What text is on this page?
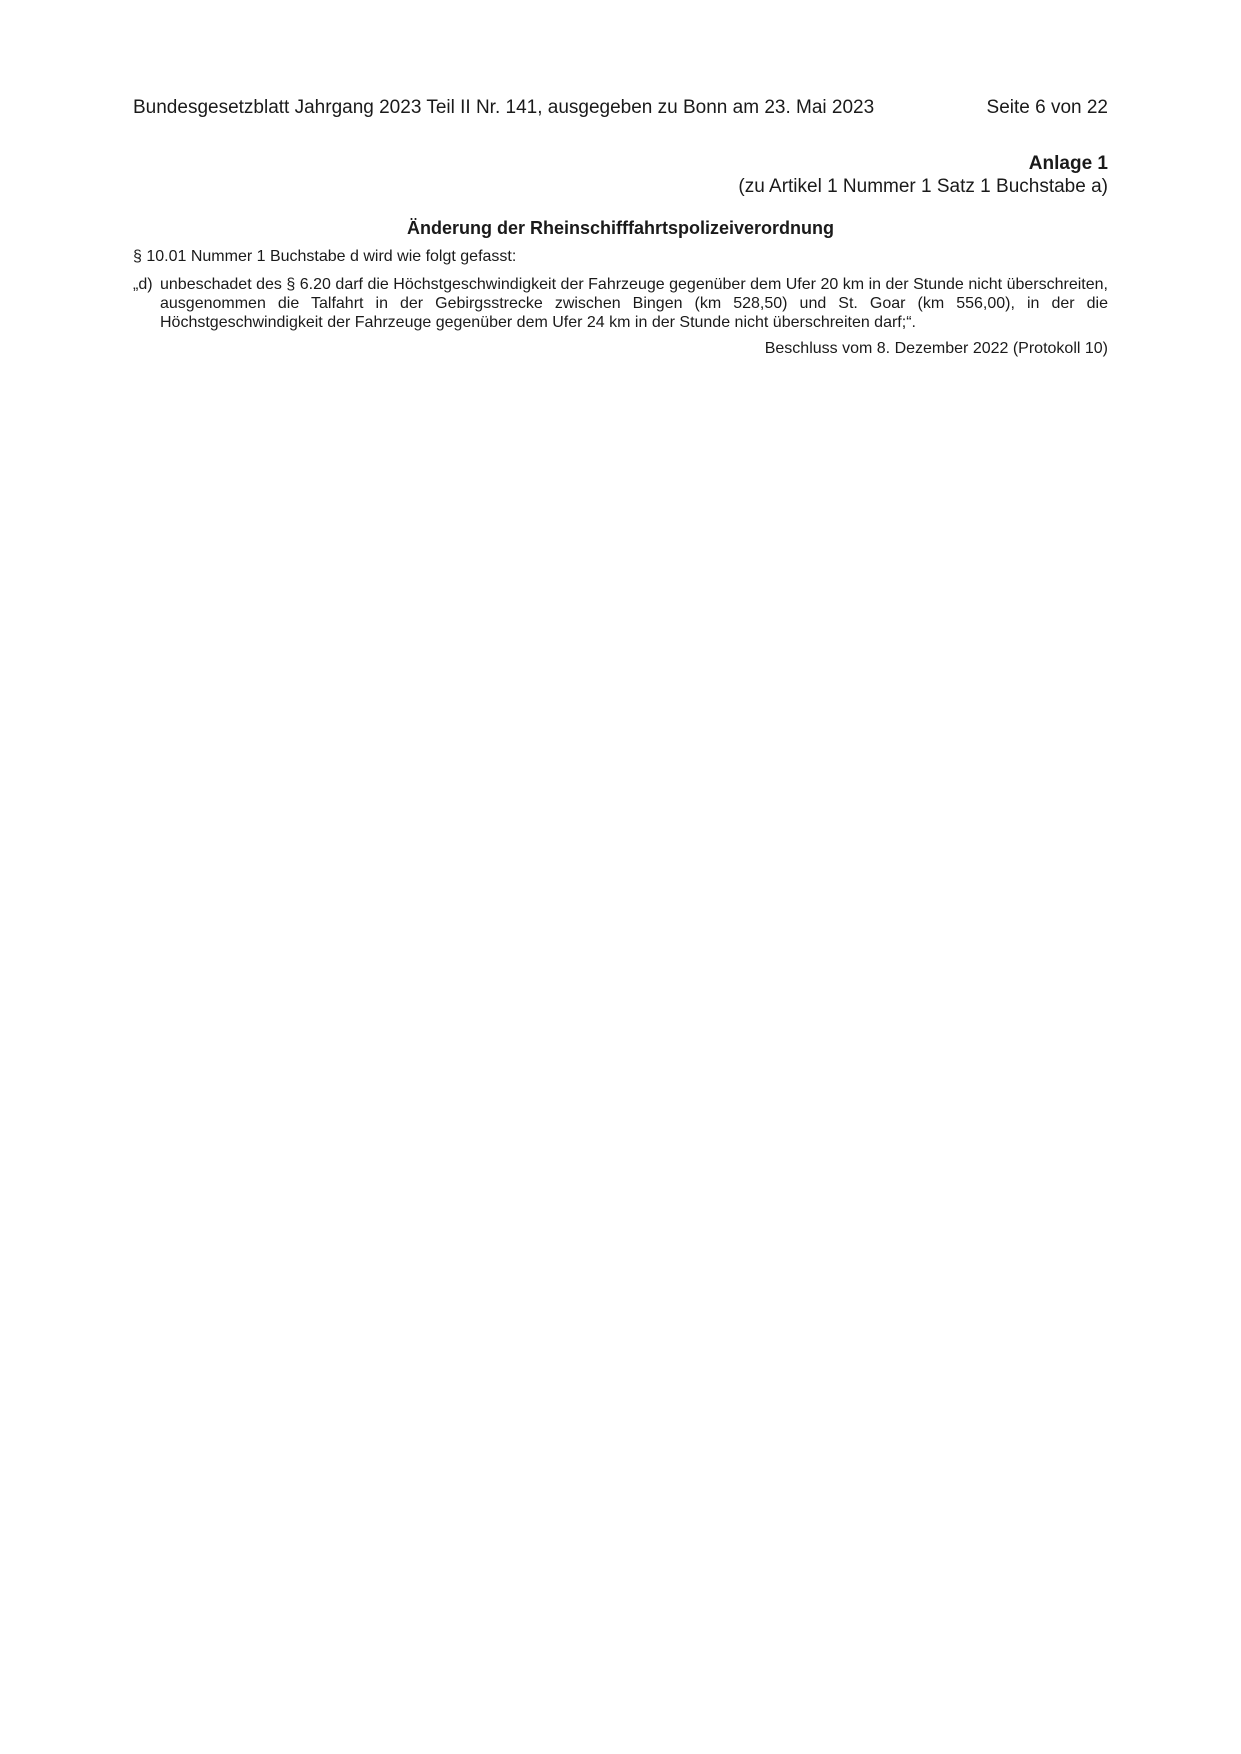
Bundesgesetzblatt Jahrgang 2023 Teil II Nr. 141, ausgegeben zu Bonn am 23. Mai 2023	Seite 6 von 22
Anlage 1
(zu Artikel 1 Nummer 1 Satz 1 Buchstabe a)
Änderung der Rheinschifffahrtspolizeiverordnung
§ 10.01 Nummer 1 Buchstabe d wird wie folgt gefasst:
„d) unbeschadet des § 6.20 darf die Höchstgeschwindigkeit der Fahrzeuge gegenüber dem Ufer 20 km in der Stunde nicht überschreiten, ausgenommen die Talfahrt in der Gebirgsstrecke zwischen Bingen (km 528,50) und St. Goar (km 556,00), in der die Höchstgeschwindigkeit der Fahrzeuge gegenüber dem Ufer 24 km in der Stunde nicht überschreiten darf;“.
Beschluss vom 8. Dezember 2022 (Protokoll 10)
